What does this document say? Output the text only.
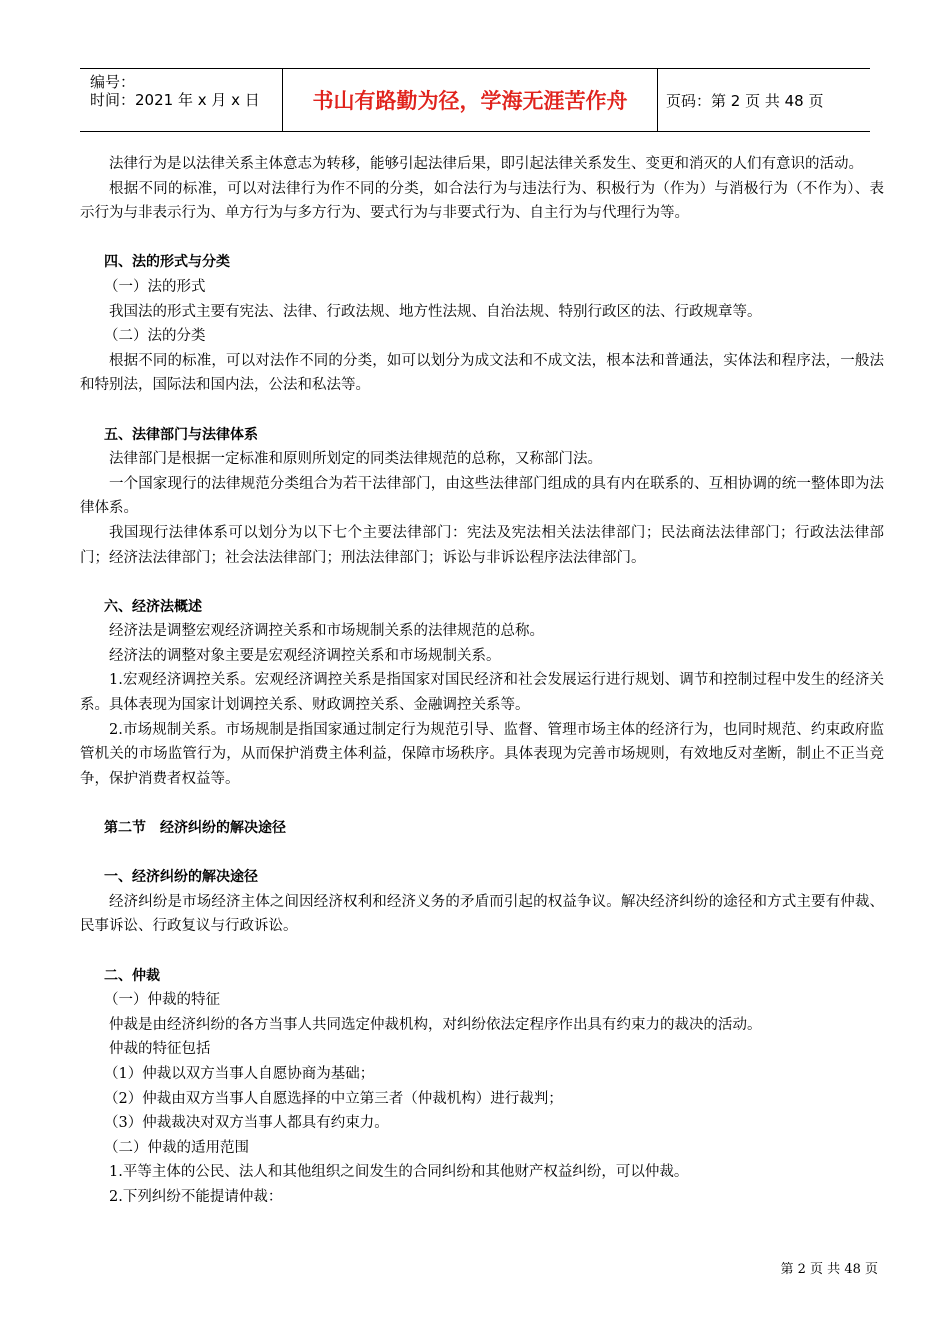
编号：
时间：2021 年 x 月 x 日	书山有路勤为径，学海无涯苦作舟	页码：第 2 页 共 48 页

法律行为是以法律关系主体意志为转移，能够引起法律后果，即引起法律关系发生、变更和消灭的人们有意识的活动。

根据不同的标准，可以对法律行为作不同的分类，如合法行为与违法行为、积极行为（作为）与消极行为（不作为）、表示行为与非表示行为、单方行为与多方行为、要式行为与非要式行为、自主行为与代理行为等。

四、法的形式与分类

（一）法的形式

我国法的形式主要有宪法、法律、行政法规、地方性法规、自治法规、特别行政区的法、行政规章等。

（二）法的分类

根据不同的标准，可以对法作不同的分类，如可以划分为成文法和不成文法，根本法和普通法，实体法和程序法，一般法和特别法，国际法和国内法，公法和私法等。

五、法律部门与法律体系

法律部门是根据一定标准和原则所划定的同类法律规范的总称，又称部门法。

一个国家现行的法律规范分类组合为若干法律部门，由这些法律部门组成的具有内在联系的、互相协调的统一整体即为法律体系。

我国现行法律体系可以划分为以下七个主要法律部门：宪法及宪法相关法法律部门；民法商法法律部门；行政法法律部门；经济法法律部门；社会法法律部门；刑法法律部门；诉讼与非诉讼程序法法律部门。

六、经济法概述

经济法是调整宏观经济调控关系和市场规制关系的法律规范的总称。

经济法的调整对象主要是宏观经济调控关系和市场规制关系。

1.宏观经济调控关系。宏观经济调控关系是指国家对国民经济和社会发展运行进行规划、调节和控制过程中发生的经济关系。具体表现为国家计划调控关系、财政调控关系、金融调控关系等。

2.市场规制关系。市场规制是指国家通过制定行为规范引导、监督、管理市场主体的经济行为，也同时规范、约束政府监管机关的市场监管行为，从而保护消费主体利益，保障市场秩序。具体表现为完善市场规则，有效地反对垄断，制止不正当竞争，保护消费者权益等。

第二节　经济纠纷的解决途径

一、经济纠纷的解决途径

经济纠纷是市场经济主体之间因经济权利和经济义务的矛盾而引起的权益争议。解决经济纠纷的途径和方式主要有仲裁、民事诉讼、行政复议与行政诉讼。

二、仲裁

（一）仲裁的特征

仲裁是由经济纠纷的各方当事人共同选定仲裁机构，对纠纷依法定程序作出具有约束力的裁决的活动。

仲裁的特征包括

（1）仲裁以双方当事人自愿协商为基础；

（2）仲裁由双方当事人自愿选择的中立第三者（仲裁机构）进行裁判；

（3）仲裁裁决对双方当事人都具有约束力。

（二）仲裁的适用范围

1.平等主体的公民、法人和其他组织之间发生的合同纠纷和其他财产权益纠纷，可以仲裁。

2.下列纠纷不能提请仲裁：

第 2 页 共 48 页
